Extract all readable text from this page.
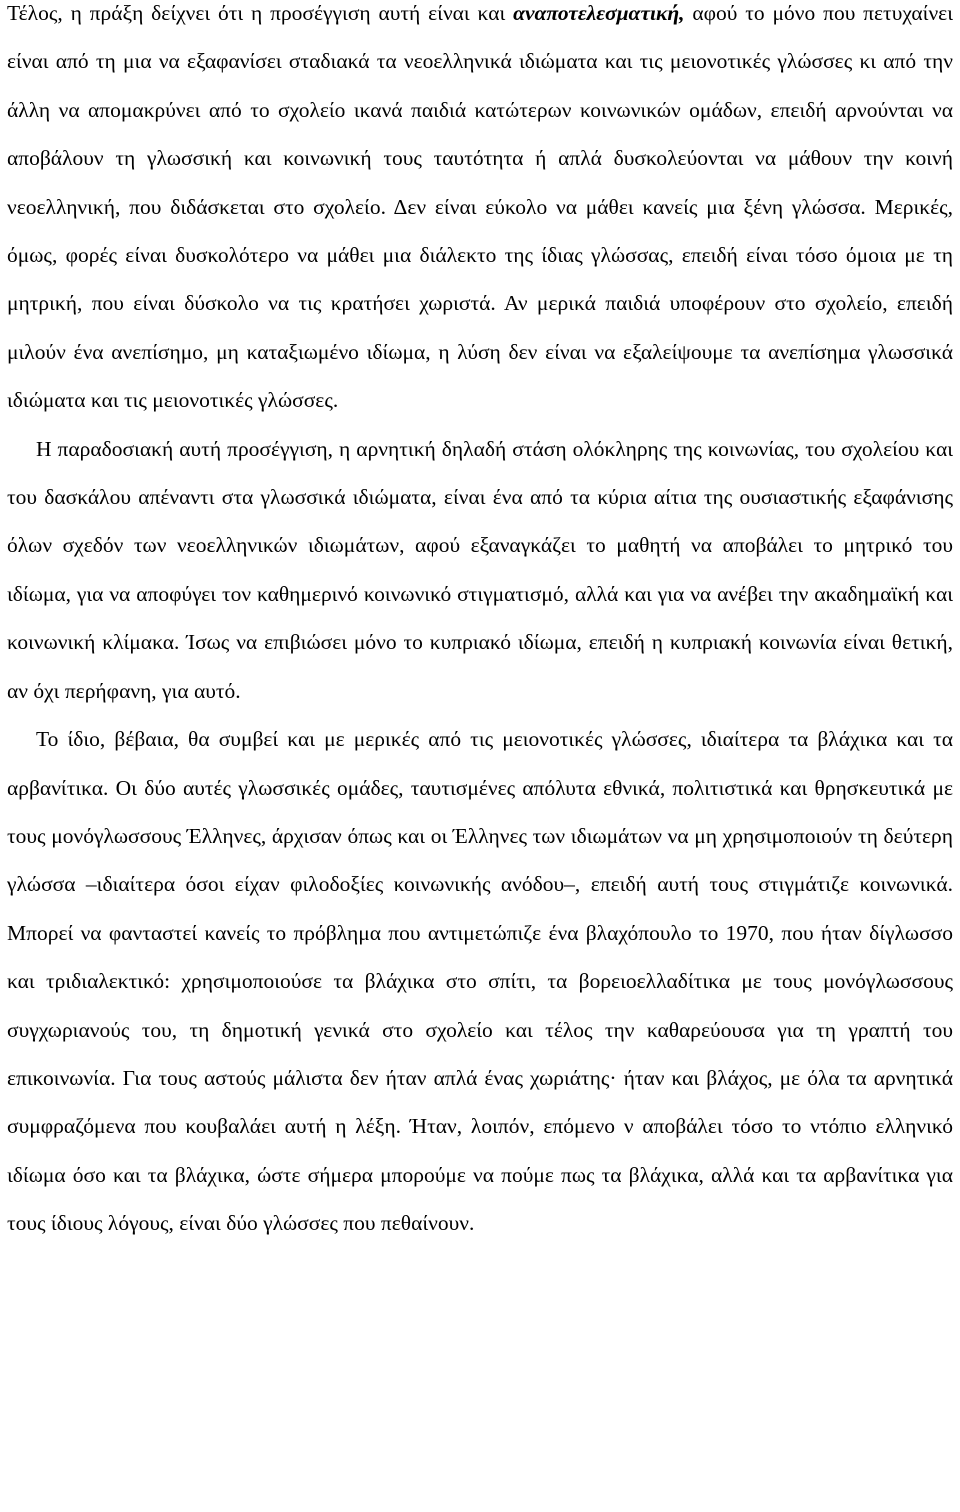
Τέλος, η πράξη δείχνει ότι η προσέγγιση αυτή είναι και αναποτελεσματική, αφού το μόνο που πετυχαίνει είναι από τη μια να εξαφανίσει σταδιακά τα νεοελληνικά ιδιώματα και τις μειονοτικές γλώσσες κι από την άλλη να απομακρύνει από το σχολείο ικανά παιδιά κατώτερων κοινωνικών ομάδων, επειδή αρνούνται να αποβάλουν τη γλωσσική και κοινωνική τους ταυτότητα ή απλά δυσκολεύονται να μάθουν την κοινή νεοελληνική, που διδάσκεται στο σχολείο. Δεν είναι εύκολο να μάθει κανείς μια ξένη γλώσσα. Μερικές, όμως, φορές είναι δυσκολότερο να μάθει μια διάλεκτο της ίδιας γλώσσας, επειδή είναι τόσο όμοια με τη μητρική, που είναι δύσκολο να τις κρατήσει χωριστά. Αν μερικά παιδιά υποφέρουν στο σχολείο, επειδή μιλούν ένα ανεπίσημο, μη καταξιωμένο ιδίωμα, η λύση δεν είναι να εξαλείψουμε τα ανεπίσημα γλωσσικά ιδιώματα και τις μειονοτικές γλώσσες.

Η παραδοσιακή αυτή προσέγγιση, η αρνητική δηλαδή στάση ολόκληρης της κοινωνίας, του σχολείου και του δασκάλου απέναντι στα γλωσσικά ιδιώματα, είναι ένα από τα κύρια αίτια της ουσιαστικής εξαφάνισης όλων σχεδόν των νεοελληνικών ιδιωμάτων, αφού εξαναγκάζει το μαθητή να αποβάλει το μητρικό του ιδίωμα, για να αποφύγει τον καθημερινό κοινωνικό στιγματισμό, αλλά και για να ανέβει την ακαδημαϊκή και κοινωνική κλίμακα. Ίσως να επιβιώσει μόνο το κυπριακό ιδίωμα, επειδή η κυπριακή κοινωνία είναι θετική, αν όχι περήφανη, για αυτό.

Το ίδιο, βέβαια, θα συμβεί και με μερικές από τις μειονοτικές γλώσσες, ιδιαίτερα τα βλάχικα και τα αρβανίτικα. Οι δύο αυτές γλωσσικές ομάδες, ταυτισμένες απόλυτα εθνικά, πολιτιστικά και θρησκευτικά με τους μονόγλωσσους Έλληνες, άρχισαν όπως και οι Έλληνες των ιδιωμάτων να μη χρησιμοποιούν τη δεύτερη γλώσσα –ιδιαίτερα όσοι είχαν φιλοδοξίες κοινωνικής ανόδου–, επειδή αυτή τους στιγμάτιζε κοινωνικά. Μπορεί να φανταστεί κανείς το πρόβλημα που αντιμετώπιζε ένα βλαχόπουλο το 1970, που ήταν δίγλωσσο και τριδιαλεκτικό: χρησιμοποιούσε τα βλάχικα στο σπίτι, τα βορειοελλαδίτικα με τους μονόγλωσσους συγχωριανούς του, τη δημοτική γενικά στο σχολείο και τέλος την καθαρεύουσα για τη γραπτή του επικοινωνία. Για τους αστούς μάλιστα δεν ήταν απλά ένας χωριάτης· ήταν και βλάχος, με όλα τα αρνητικά συμφραζόμενα που κουβαλάει αυτή η λέξη. Ήταν, λοιπόν, επόμενο ν αποβάλει τόσο το ντόπιο ελληνικό ιδίωμα όσο και τα βλάχικα, ώστε σήμερα μπορούμε να πούμε πως τα βλάχικα, αλλά και τα αρβανίτικα για τους ίδιους λόγους, είναι δύο γλώσσες που πεθαίνουν.
